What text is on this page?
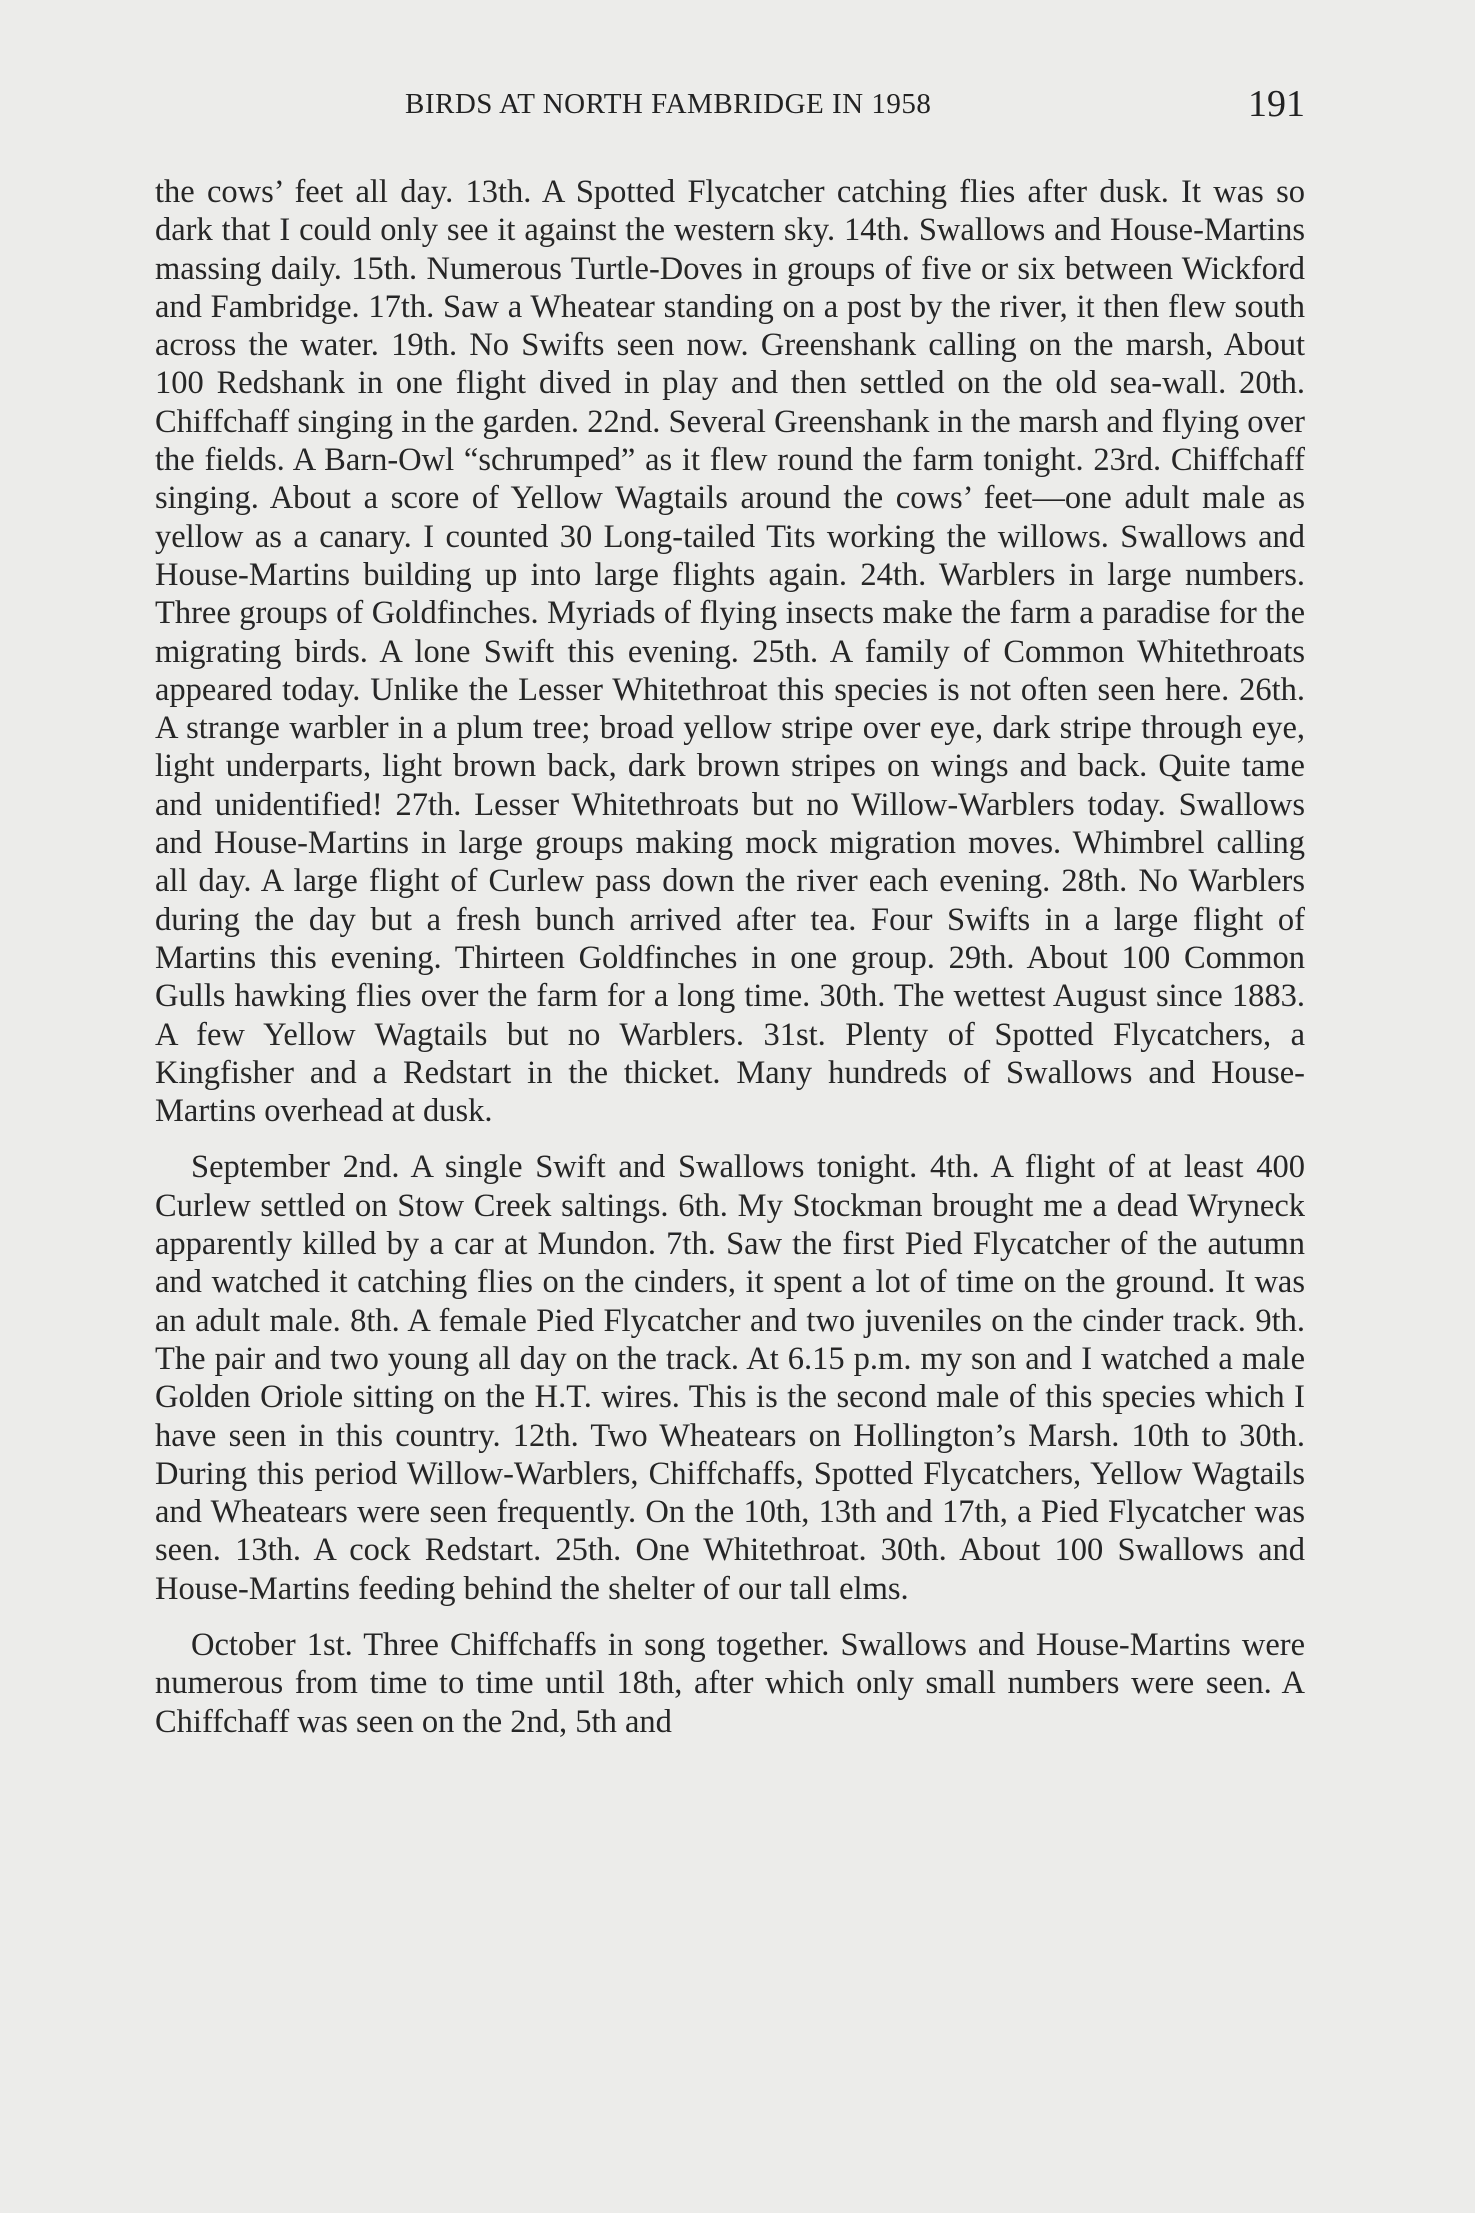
BIRDS AT NORTH FAMBRIDGE IN 1958	191

the cows’ feet all day. 13th. A Spotted Flycatcher catching flies after dusk. It was so dark that I could only see it against the western sky. 14th. Swallows and House-Martins massing daily. 15th. Numerous Turtle-Doves in groups of five or six between Wickford and Fambridge. 17th. Saw a Wheatear standing on a post by the river, it then flew south across the water. 19th. No Swifts seen now. Greenshank calling on the marsh, About 100 Redshank in one flight dived in play and then settled on the old sea-wall. 20th. Chiffchaff singing in the garden. 22nd. Several Greenshank in the marsh and flying over the fields. A Barn-Owl “schrumped” as it flew round the farm tonight. 23rd. Chiffchaff singing. About a score of Yellow Wagtails around the cows’ feet—one adult male as yellow as a canary. I counted 30 Long-tailed Tits working the willows. Swallows and House-Martins building up into large flights again. 24th. Warblers in large numbers. Three groups of Goldfinches. Myriads of flying insects make the farm a paradise for the migrating birds. A lone Swift this evening. 25th. A family of Common Whitethroats appeared today. Unlike the Lesser Whitethroat this species is not often seen here. 26th. A strange warbler in a plum tree; broad yellow stripe over eye, dark stripe through eye, light underparts, light brown back, dark brown stripes on wings and back. Quite tame and unidentified! 27th. Lesser Whitethroats but no Willow-Warblers today. Swallows and House-Martins in large groups making mock migration moves. Whimbrel calling all day. A large flight of Curlew pass down the river each evening. 28th. No Warblers during the day but a fresh bunch arrived after tea. Four Swifts in a large flight of Martins this evening. Thirteen Goldfinches in one group. 29th. About 100 Common Gulls hawking flies over the farm for a long time. 30th. The wettest August since 1883. A few Yellow Wagtails but no Warblers. 31st. Plenty of Spotted Flycatchers, a Kingfisher and a Redstart in the thicket. Many hundreds of Swallows and House-Martins overhead at dusk.

September 2nd. A single Swift and Swallows tonight. 4th. A flight of at least 400 Curlew settled on Stow Creek saltings. 6th. My Stockman brought me a dead Wryneck apparently killed by a car at Mundon. 7th. Saw the first Pied Flycatcher of the autumn and watched it catching flies on the cinders, it spent a lot of time on the ground. It was an adult male. 8th. A female Pied Flycatcher and two juveniles on the cinder track. 9th. The pair and two young all day on the track. At 6.15 p.m. my son and I watched a male Golden Oriole sitting on the H.T. wires. This is the second male of this species which I have seen in this country. 12th. Two Wheatears on Hollington’s Marsh. 10th to 30th. During this period Willow-Warblers, Chiffchaffs, Spotted Flycatchers, Yellow Wagtails and Wheatears were seen frequently. On the 10th, 13th and 17th, a Pied Flycatcher was seen. 13th. A cock Redstart. 25th. One Whitethroat. 30th. About 100 Swallows and House-Martins feeding behind the shelter of our tall elms.

October 1st. Three Chiffchaffs in song together. Swallows and House-Martins were numerous from time to time until 18th, after which only small numbers were seen. A Chiffchaff was seen on the 2nd, 5th and
